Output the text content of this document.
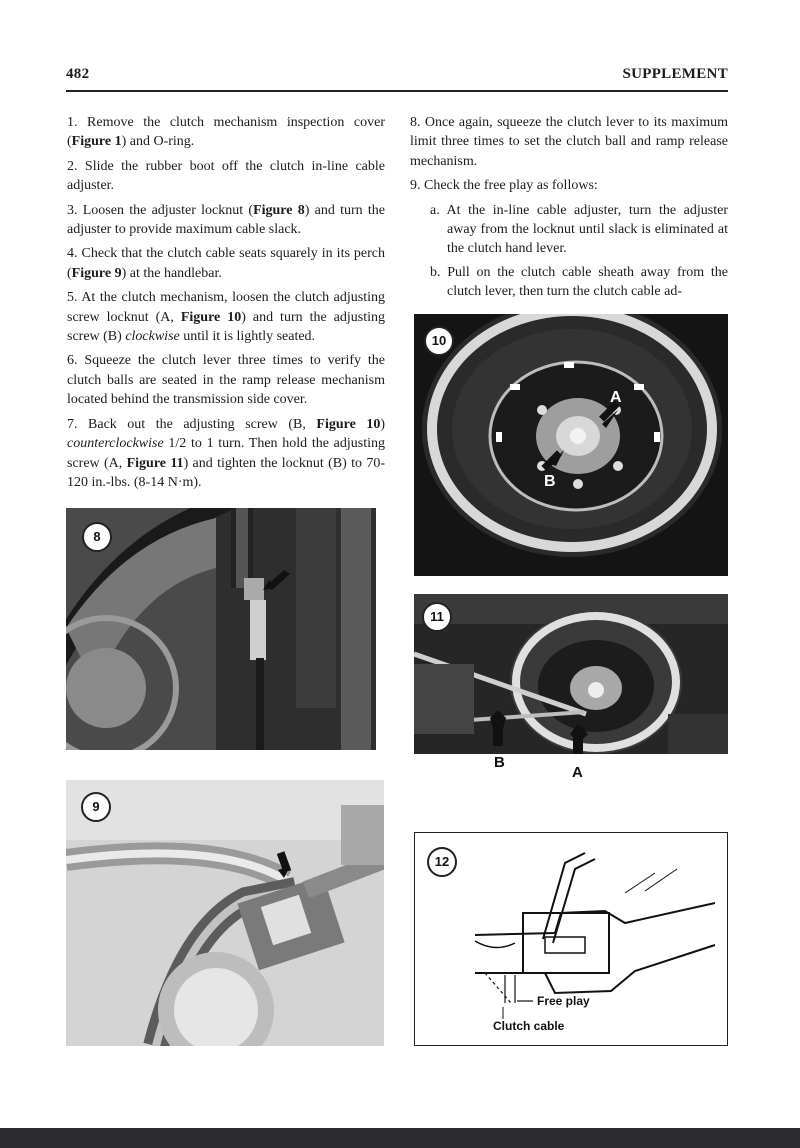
482	SUPPLEMENT

1. Remove the clutch mechanism inspection cover (Figure 1) and O-ring.

2. Slide the rubber boot off the clutch in-line cable adjuster.

3. Loosen the adjuster locknut (Figure 8) and turn the adjuster to provide maximum cable slack.

4. Check that the clutch cable seats squarely in its perch (Figure 9) at the handlebar.

5. At the clutch mechanism, loosen the clutch adjusting screw locknut (A, Figure 10) and turn the adjusting screw (B) clockwise until it is lightly seated.

6. Squeeze the clutch lever three times to verify the clutch balls are seated in the ramp release mechanism located behind the transmission side cover.

7. Back out the adjusting screw (B, Figure 10) counterclockwise 1/2 to 1 turn. Then hold the adjusting screw (A, Figure 11) and tighten the locknut (B) to 70-120 in.-lbs. (8-14 N·m).

8. Once again, squeeze the clutch lever to its maximum limit three times to set the clutch ball and ramp release mechanism.

9. Check the free play as follows:

a. At the in-line cable adjuster, turn the adjuster away from the locknut until slack is eliminated at the clutch hand lever.

b. Pull on the clutch cable sheath away from the clutch lever, then turn the clutch cable ad-

8
9
A
B
10
11
B
A
12
Free play
Clutch cable
